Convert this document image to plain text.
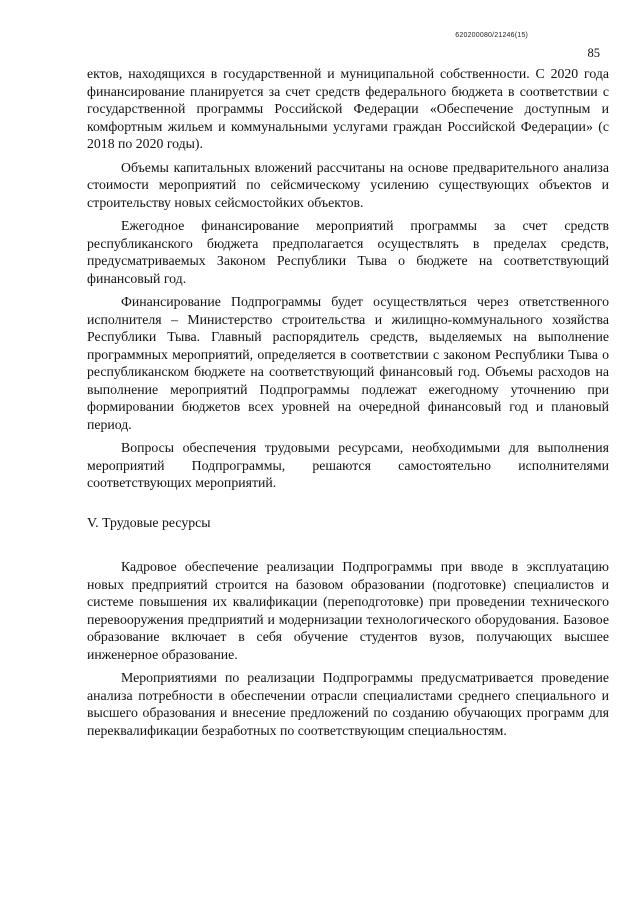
620200080/21246(15)
85

ектов, находящихся в государственной и муниципальной собственности. С 2020 года финансирование планируется за счет средств федерального бюджета в соответствии с государственной программы Российской Федерации «Обеспечение доступным и комфортным жильем и коммунальными услугами граждан Российской Федерации» (с 2018 по 2020 годы).

Объемы капитальных вложений рассчитаны на основе предварительного анализа стоимости мероприятий по сейсмическому усилению существующих объектов и строительству новых сейсмостойких объектов.

Ежегодное финансирование мероприятий программы за счет средств республиканского бюджета предполагается осуществлять в пределах средств, предусматриваемых Законом Республики Тыва о бюджете на соответствующий финансовый год.

Финансирование Подпрограммы будет осуществляться через ответственного исполнителя – Министерство строительства и жилищно-коммунального хозяйства Республики Тыва. Главный распорядитель средств, выделяемых на выполнение программных мероприятий, определяется в соответствии с законом Республики Тыва о республиканском бюджете на соответствующий финансовый год. Объемы расходов на выполнение мероприятий Подпрограммы подлежат ежегодному уточнению при формировании бюджетов всех уровней на очередной финансовый год и плановый период.

Вопросы обеспечения трудовыми ресурсами, необходимыми для выполнения мероприятий Подпрограммы, решаются самостоятельно исполнителями соответствующих мероприятий.

V. Трудовые ресурсы

Кадровое обеспечение реализации Подпрограммы при вводе в эксплуатацию новых предприятий строится на базовом образовании (подготовке) специалистов и системе повышения их квалификации (переподготовке) при проведении технического перевооружения предприятий и модернизации технологического оборудования. Базовое образование включает в себя обучение студентов вузов, получающих высшее инженерное образование.

Мероприятиями по реализации Подпрограммы предусматривается проведение анализа потребности в обеспечении отрасли специалистами среднего специального и высшего образования и внесение предложений по созданию обучающих программ для переквалификации безработных по соответствующим специальностям.
